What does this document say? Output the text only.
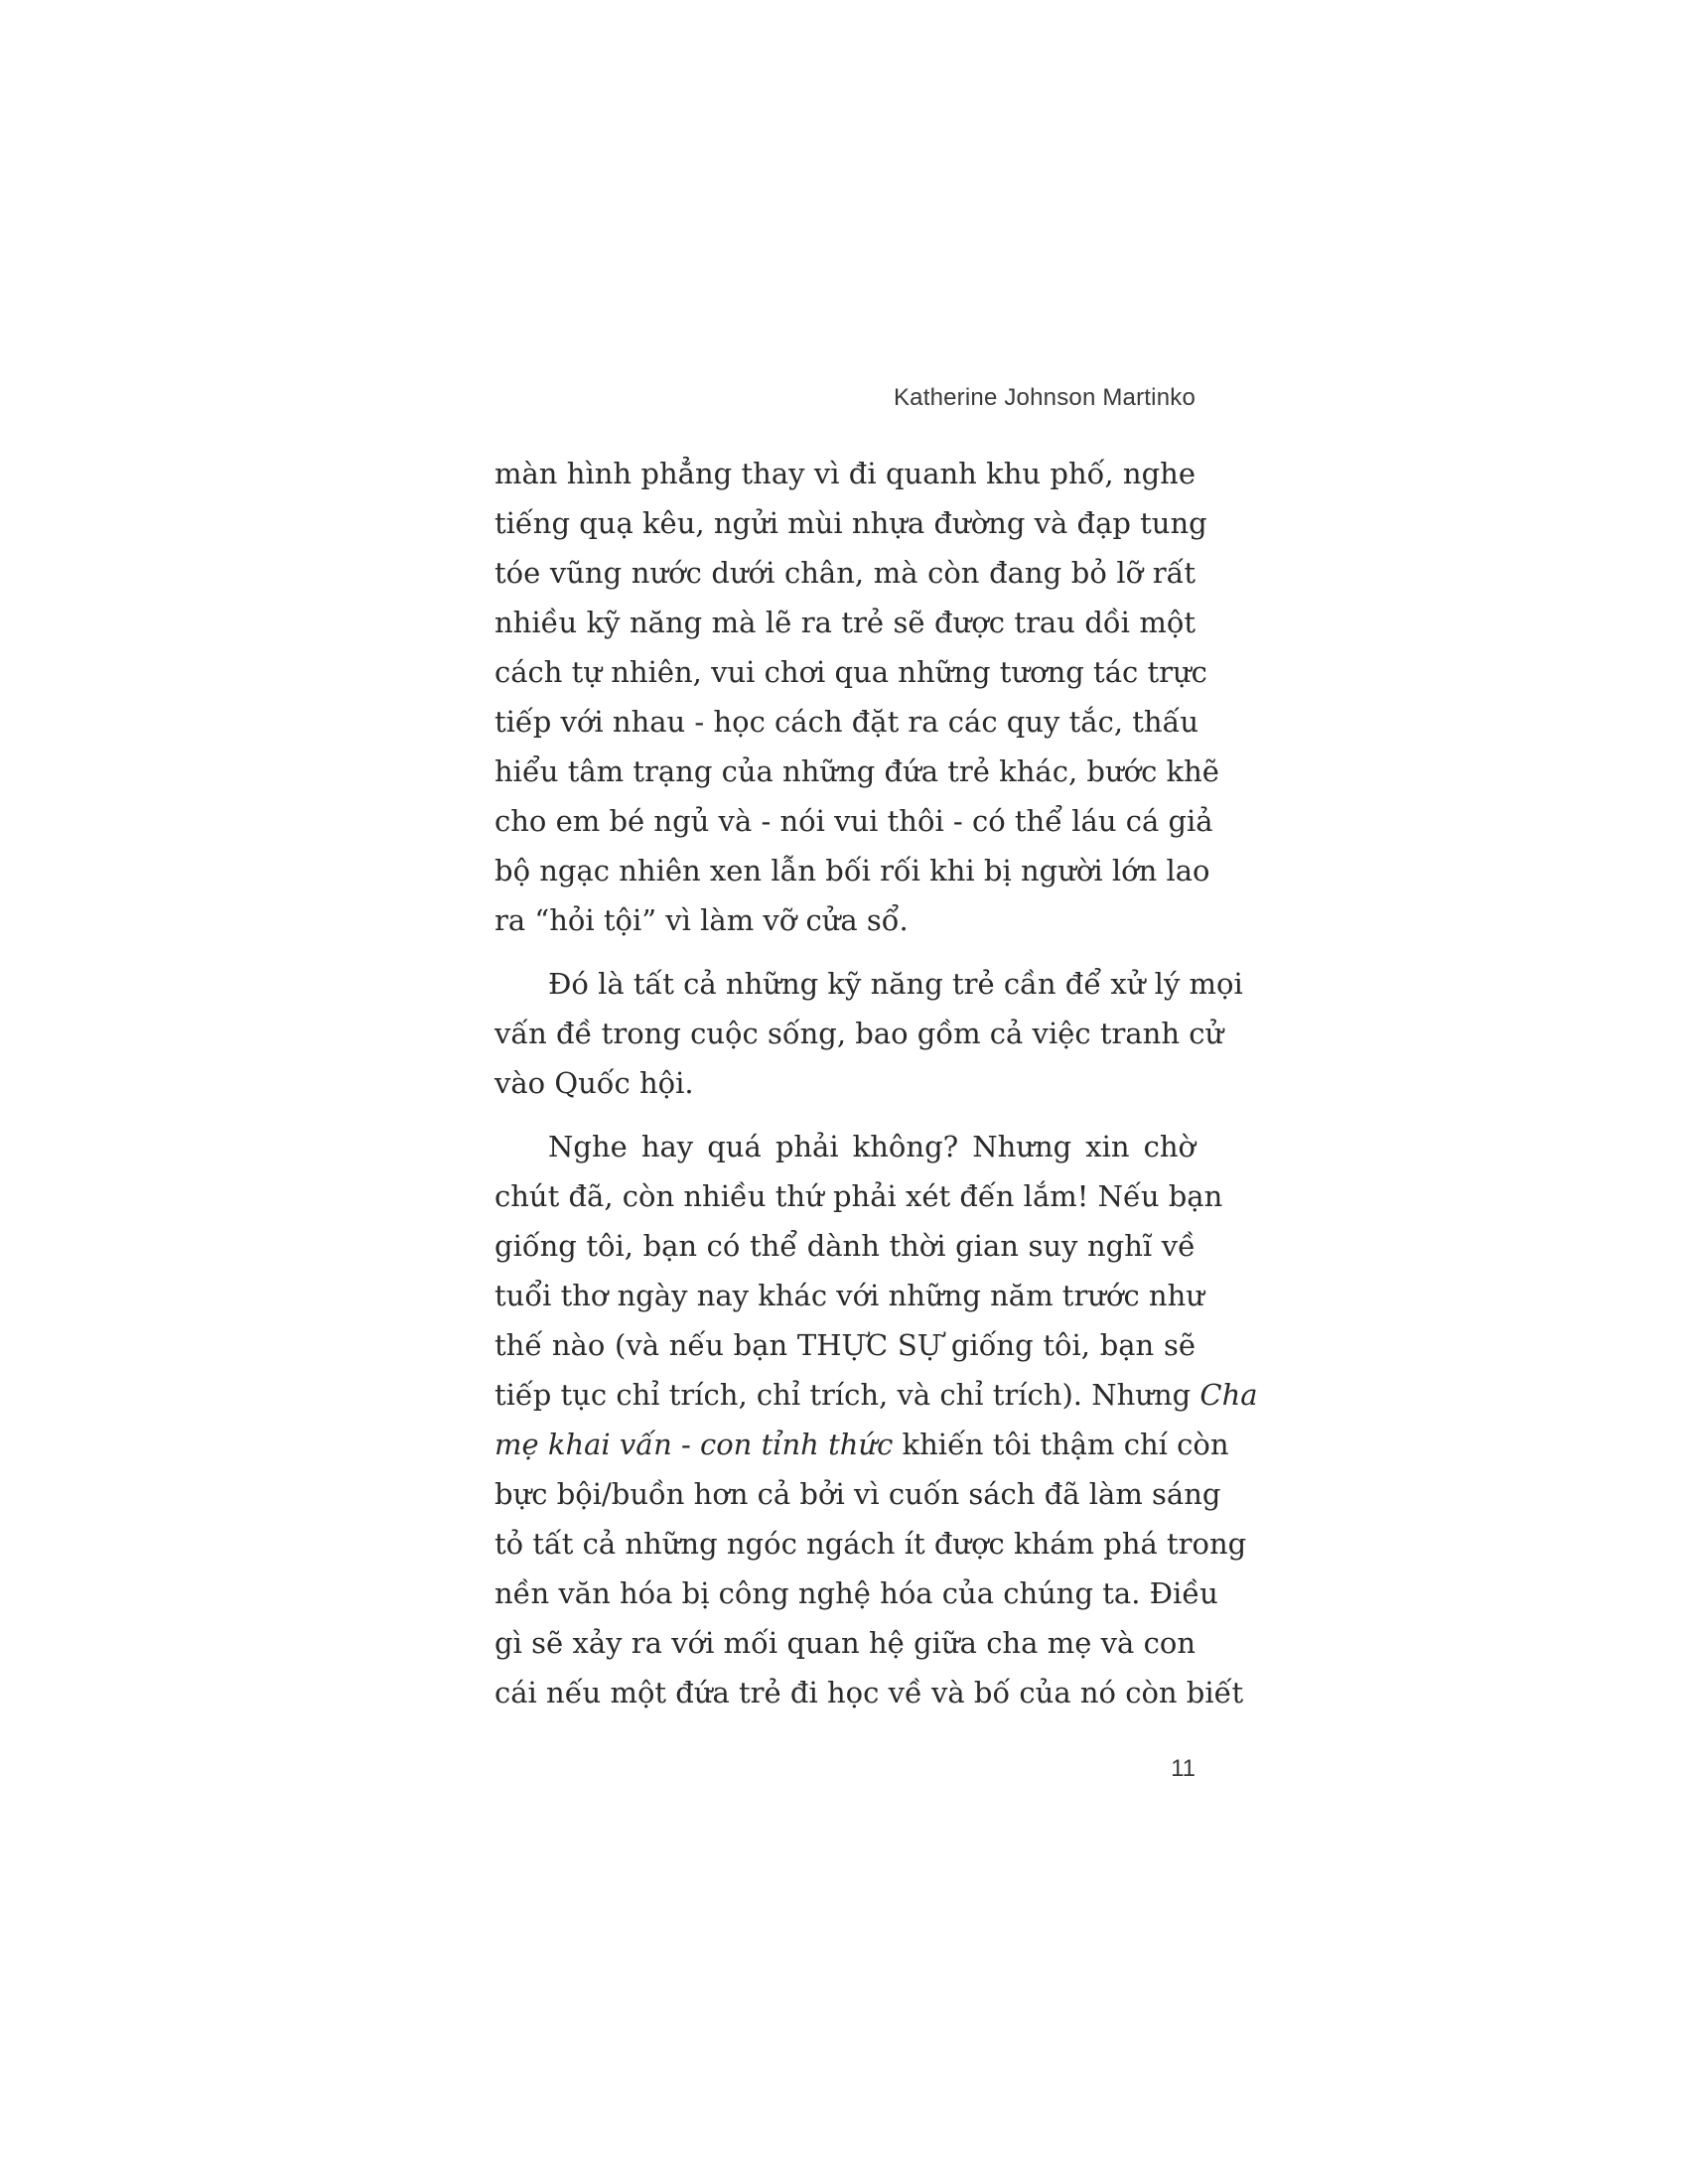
Katherine Johnson Martinko

màn hình phẳng thay vì đi quanh khu phố, nghe
tiếng quạ kêu, ngửi mùi nhựa đường và đạp tung
tóe vũng nước dưới chân, mà còn đang bỏ lỡ rất
nhiều kỹ năng mà lẽ ra trẻ sẽ được trau dồi một
cách tự nhiên, vui chơi qua những tương tác trực
tiếp với nhau - học cách đặt ra các quy tắc, thấu
hiểu tâm trạng của những đứa trẻ khác, bước khẽ
cho em bé ngủ và - nói vui thôi - có thể láu cá giả
bộ ngạc nhiên xen lẫn bối rối khi bị người lớn lao
ra “hỏi tội” vì làm vỡ cửa sổ.

Đó là tất cả những kỹ năng trẻ cần để xử lý mọi
vấn đề trong cuộc sống, bao gồm cả việc tranh cử
vào Quốc hội.

Nghe hay quá phải không? Nhưng xin chờ
chút đã, còn nhiều thứ phải xét đến lắm! Nếu bạn
giống tôi, bạn có thể dành thời gian suy nghĩ về
tuổi thơ ngày nay khác với những năm trước như
thế nào (và nếu bạn THỰC SỰ giống tôi, bạn sẽ
tiếp tục chỉ trích, chỉ trích, và chỉ trích). Nhưng Cha
mẹ khai vấn - con tỉnh thức khiến tôi thậm chí còn
bực bội/buồn hơn cả bởi vì cuốn sách đã làm sáng
tỏ tất cả những ngóc ngách ít được khám phá trong
nền văn hóa bị công nghệ hóa của chúng ta. Điều
gì sẽ xảy ra với mối quan hệ giữa cha mẹ và con
cái nếu một đứa trẻ đi học về và bố của nó còn biết

11
